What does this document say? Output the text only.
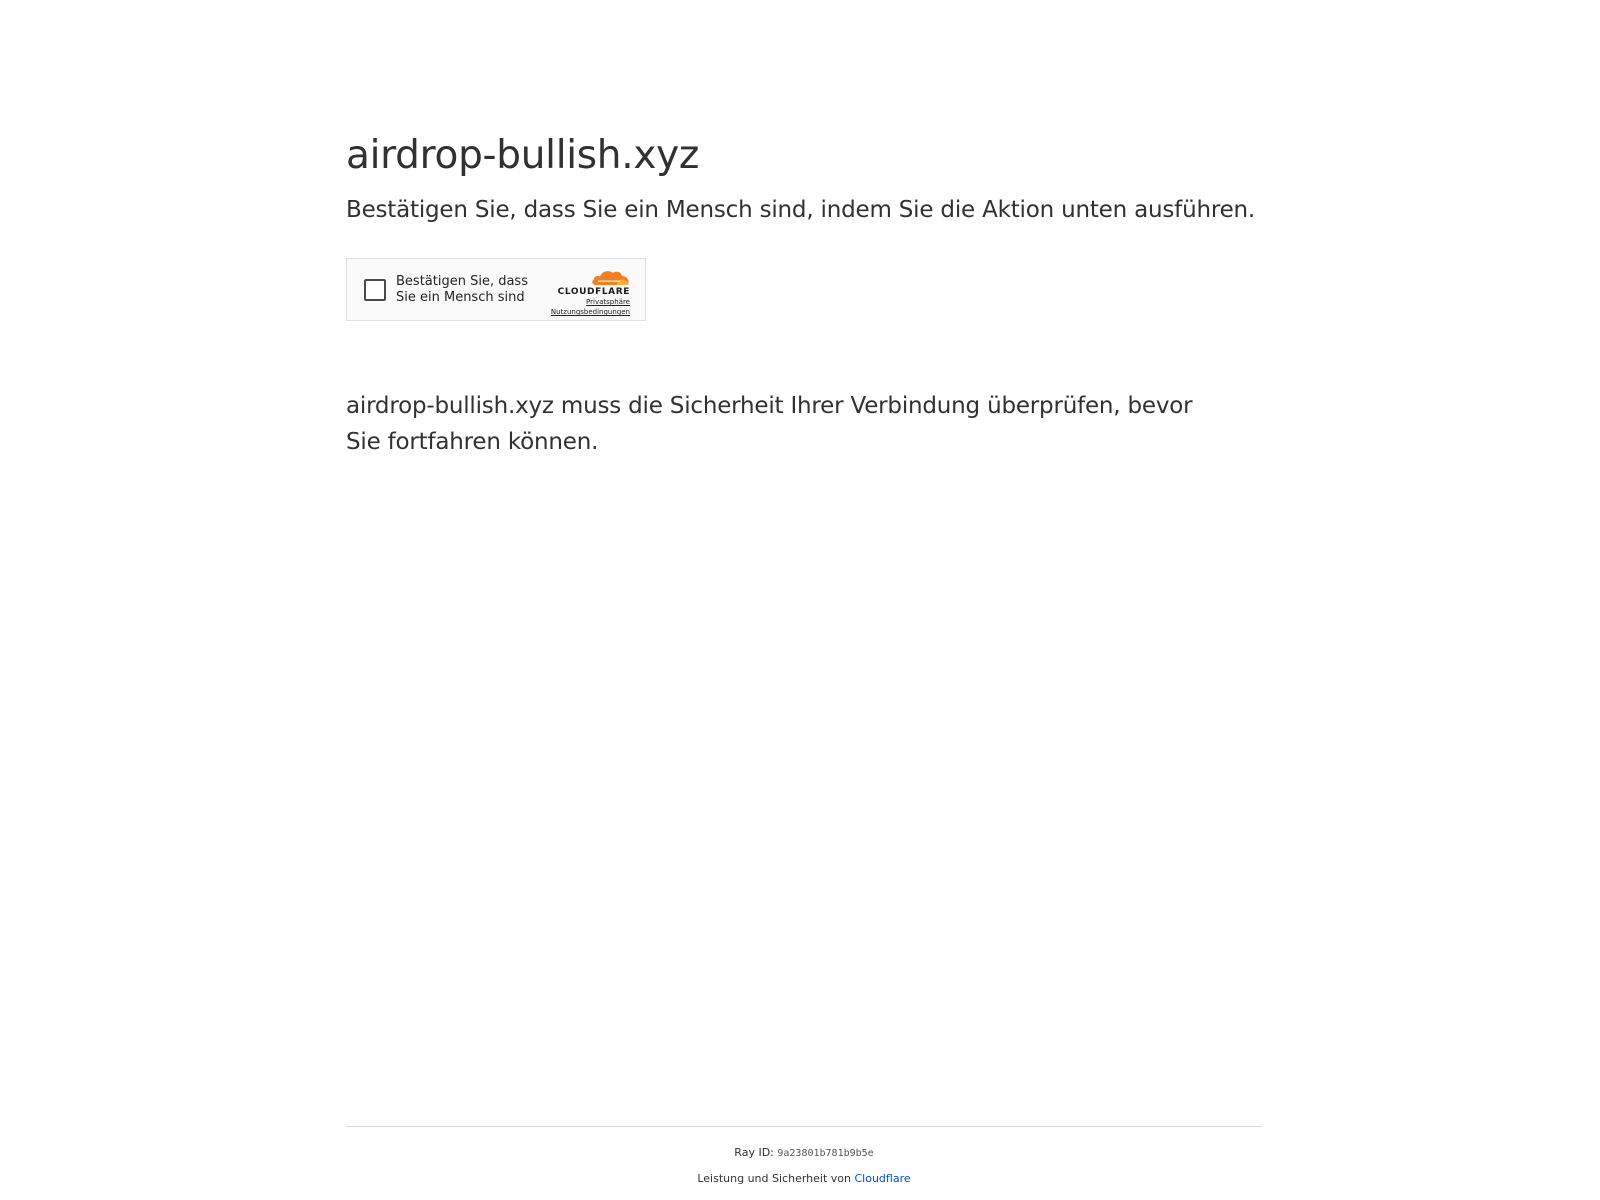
airdrop-bullish.xyz

Bestätigen Sie, dass Sie ein Mensch sind, indem Sie die Aktion unten ausführen.

Bestätigen Sie, dass Sie ein Mensch sind	CLOUDFLARE
Privatsphäre
Nutzungsbedingungen

airdrop-bullish.xyz muss die Sicherheit Ihrer Verbindung überprüfen, bevor Sie fortfahren können.

Ray ID: 9a23801b781b9b5e
Leistung und Sicherheit von Cloudflare
